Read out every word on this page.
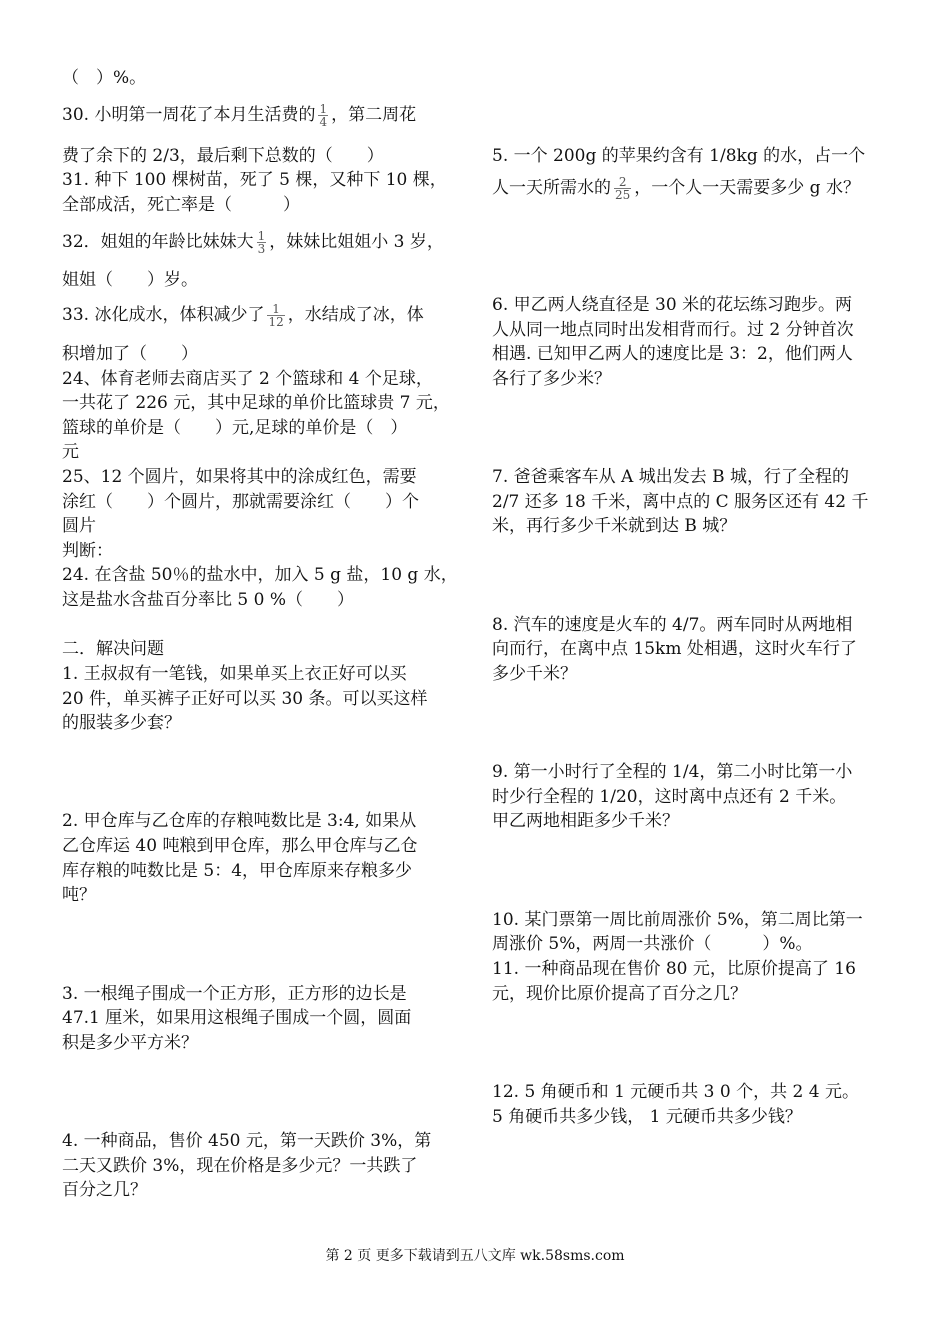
（　）%。
30. 小明第一周花了本月生活费的 $\frac{1}{4}$ ，第二周花
费了余下的 2/3，最后剩下总数的（　　）
31. 种下 100 棵树苗，死了 5 棵，又种下 10 棵，
全部成活，死亡率是（　　　）
32．姐姐的年龄比妹妹大 $\frac{1}{3}$ ，妹妹比姐姐小 3 岁，
姐姐（　　）岁。
33. 冰化成水，体积减少了 $\frac{1}{12}$ ，水结成了冰，体
积增加了（　　）
24、体育老师去商店买了 2 个篮球和 4 个足球，
一共花了 226 元，其中足球的单价比篮球贵 7 元，
篮球的单价是（　　）元,足球的单价是（　）
元
25、12 个圆片，如果将其中的涂成红色，需要
涂红（　　）个圆片，那就需要涂红（　　）个
圆片
判断：
24. 在含盐 50％的盐水中，加入 5 g 盐，10 g 水，
这是盐水含盐百分率比 5 0 %（　　）
二．解决问题
1. 王叔叔有一笔钱，如果单买上衣正好可以买
20 件，单买裤子正好可以买 30 条。可以买这样
的服装多少套？
2. 甲仓库与乙仓库的存粮吨数比是 3:4, 如果从
乙仓库运 40 吨粮到甲仓库，那么甲仓库与乙仓
库存粮的吨数比是 5：4，甲仓库原来存粮多少
吨？
3. 一根绳子围成一个正方形，正方形的边长是
47.1 厘米，如果用这根绳子围成一个圆，圆面
积是多少平方米？
4. 一种商品，售价 450 元，第一天跌价 3%，第
二天又跌价 3%，现在价格是多少元？一共跌了
百分之几？
5. 一个 200g 的苹果约含有 1/8kg 的水，占一个
人一天所需水的 $\frac{2}{25}$ ，一个人一天需要多少 g 水？
6. 甲乙两人绕直径是 30 米的花坛练习跑步。两
人从同一地点同时出发相背而行。过 2 分钟首次
相遇. 已知甲乙两人的速度比是 3：2，他们两人
各行了多少米？
7. 爸爸乘客车从 A 城出发去 B 城，行了全程的
2/7 还多 18 千米，离中点的 C 服务区还有 42 千
米，再行多少千米就到达 B 城？
8. 汽车的速度是火车的 4/7。两车同时从两地相
向而行，在离中点 15km 处相遇，这时火车行了
多少千米？
9. 第一小时行了全程的 1/4，第二小时比第一小
时少行全程的 1/20，这时离中点还有 2 千米。
甲乙两地相距多少千米？
10. 某门票第一周比前周涨价 5%，第二周比第一
周涨价 5%，两周一共涨价（　　　）%。
11. 一种商品现在售价 80 元，比原价提高了 16
元，现价比原价提高了百分之几？
12. 5 角硬币和 1 元硬币共 3 0 个，共 2 4 元。
5 角硬币共多少钱， 1 元硬币共多少钱？
第 2 页 更多下载请到五八文库 wk.58sms.com
